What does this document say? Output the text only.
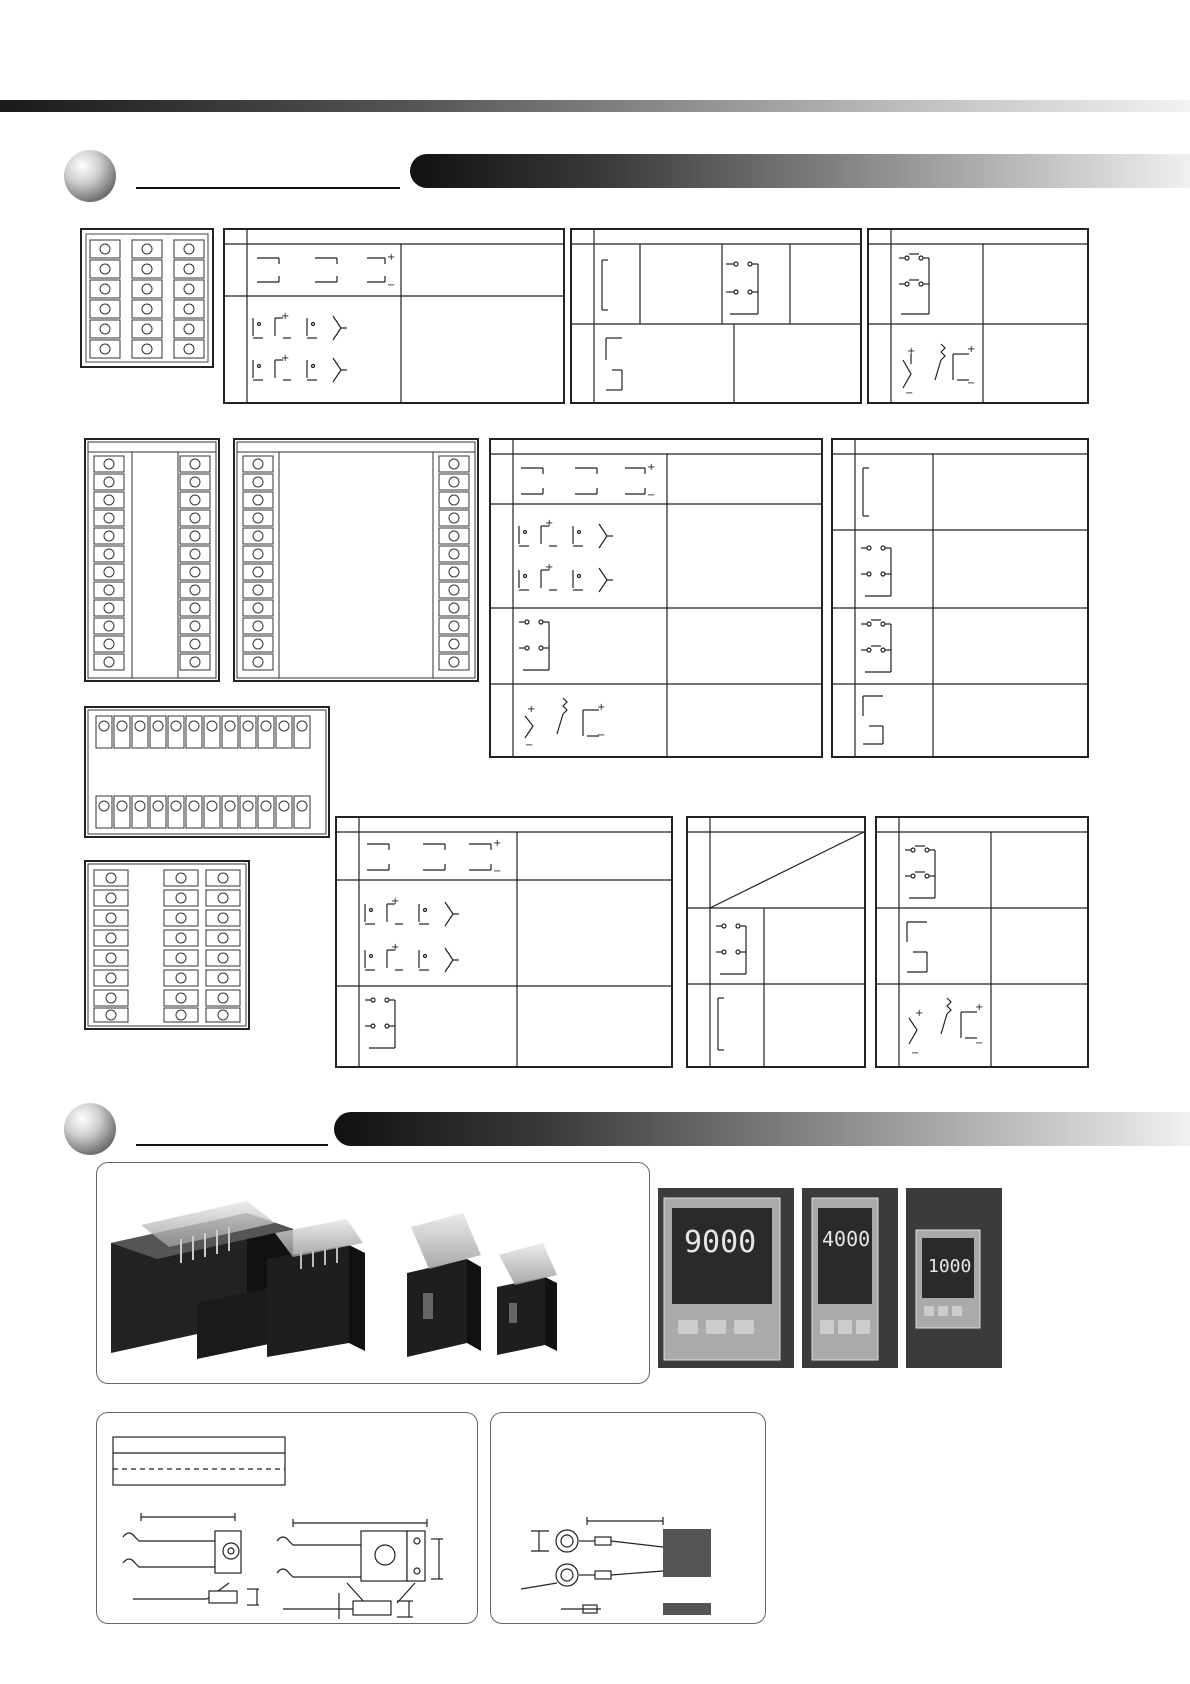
+
+
+	+
−
−
+
−
+
+
+
−
+
+
+	+
−
−
+
−
+
+
+
+
−
−
9000	4000
1000
